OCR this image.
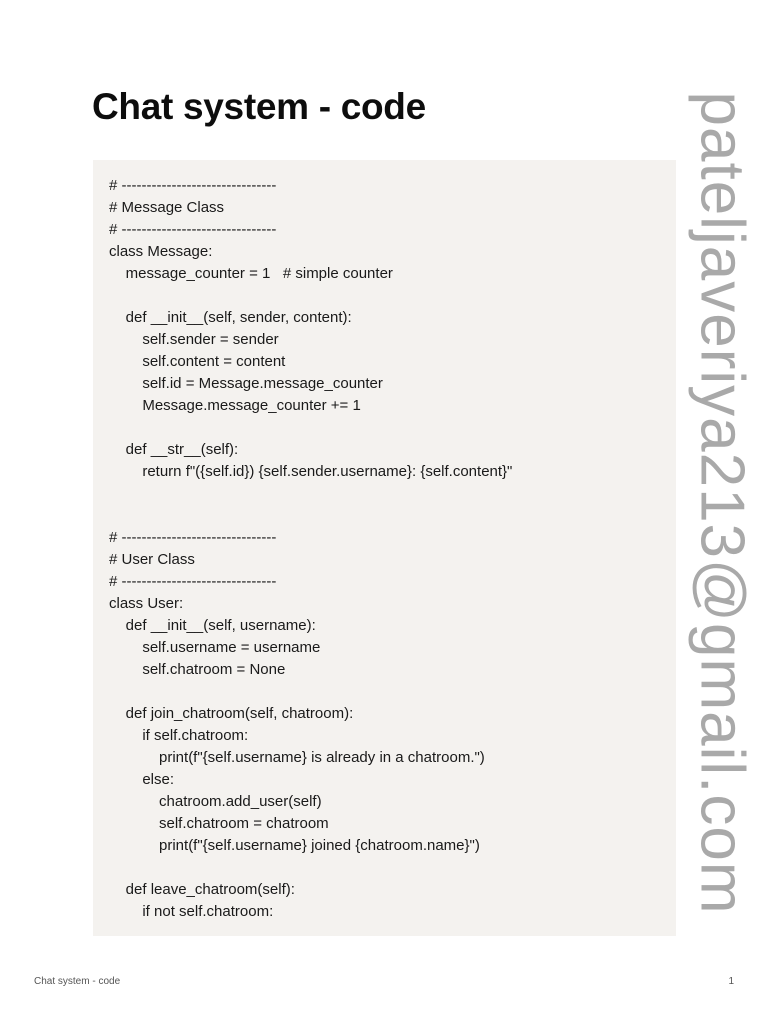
Chat system - code
# -------------------------------
# Message Class
# -------------------------------
class Message:
message_counter = 1   # simple counter
def __init__(self, sender, content):
self.sender = sender
self.content = content
self.id = Message.message_counter
Message.message_counter += 1
def __str__(self):
return f"({self.id}) {self.sender.username}: {self.content}"
# -------------------------------
# User Class
# -------------------------------
class User:
def __init__(self, username):
self.username = username
self.chatroom = None
def join_chatroom(self, chatroom):
if self.chatroom:
print(f"{self.username} is already in a chatroom.")
else:
chatroom.add_user(self)
self.chatroom = chatroom
print(f"{self.username} joined {chatroom.name}")
def leave_chatroom(self):
if not self.chatroom:	pateljaveriya213@gmail.com
Chat system - code	1
